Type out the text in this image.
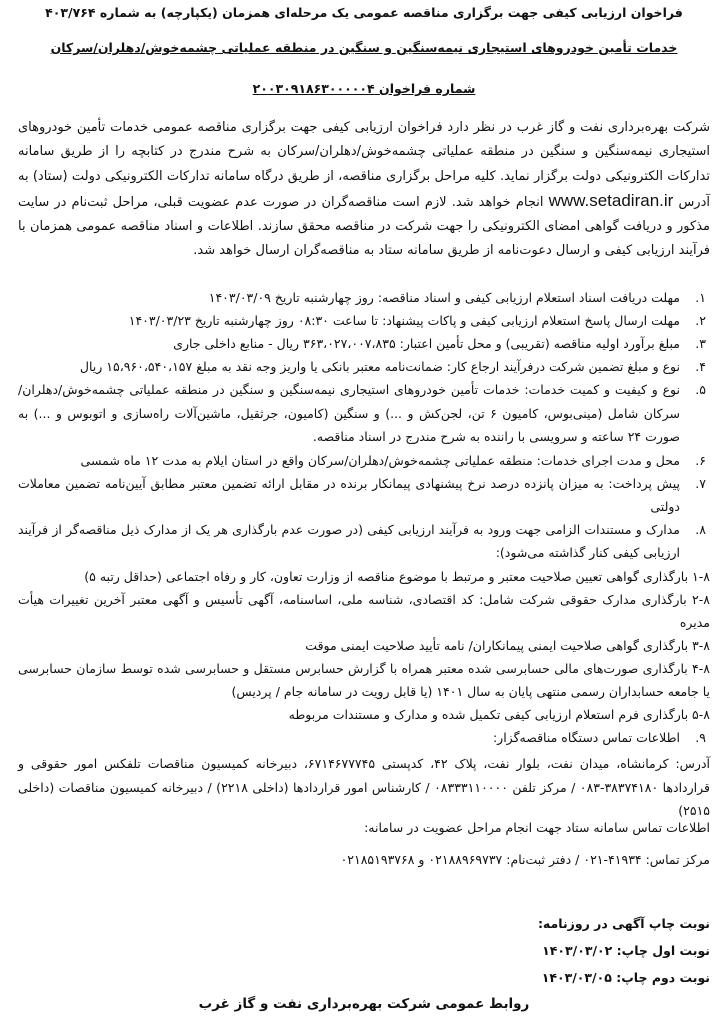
فراخوان ارزیابی کیفی جهت برگزاری مناقصه عمومی یک مرحله‌ای همزمان (یکپارچه) به شماره ۴۰۳/۷۶۴
خدمات تأمین خودروهای استیجاری نیمه‌سنگین و سنگین در منطقه عملیاتی چشمه‌خوش/دهلران/سرکان
شماره فراخوان ۲۰۰۳۰۹۱۸۶۳۰۰۰۰۰۴
شرکت بهره‌برداری نفت و گاز غرب در نظر دارد فراخوان ارزیابی کیفی جهت برگزاری مناقصه عمومی خدمات تأمین خودروهای استیجاری نیمه‌سنگین و سنگین در منطقه عملیاتی چشمه‌خوش/دهلران/سرکان به شرح مندرج در کتابچه را از طریق سامانه تدارکات الکترونیکی دولت برگزار نماید. کلیه مراحل برگزاری مناقصه، از طریق درگاه سامانه تدارکات الکترونیکی دولت (ستاد) به آدرس www.setadiran.ir انجام خواهد شد. لازم است مناقصه‌گران در صورت عدم عضویت قبلی، مراحل ثبت‌نام در سایت مذکور و دریافت گواهی امضای الکترونیکی را جهت شرکت در مناقصه محقق سازند. اطلاعات و اسناد مناقصه عمومی همزمان با فرآیند ارزیابی کیفی و ارسال دعوت‌نامه از طریق سامانه ستاد به مناقصه‌گران ارسال خواهد شد.
۱.
مهلت دریافت اسناد استعلام ارزیابی کیفی و اسناد مناقصه: روز چهارشنبه تاریخ ۱۴۰۳/۰۳/۰۹
۲.
مهلت ارسال پاسخ استعلام ارزیابی کیفی و پاکات پیشنهاد: تا ساعت ۰۸:۳۰ روز چهارشنبه تاریخ ۱۴۰۳/۰۳/۲۳
۳.
مبلغ برآورد اولیه مناقصه (تقریبی) و محل تأمین اعتبار: ۳۶۳،۰۲۷،۰۰۷،۸۳۵ ریال - منابع داخلی جاری
۴.
نوع و مبلغ تضمین شرکت درفرآیند ارجاع کار: ضمانت‌نامه معتبر بانکی یا واریز وجه نقد به مبلغ ۱۵،۹۶۰،۵۴۰،۱۵۷ ریال
۵.
نوع و کیفیت و کمیت خدمات: خدمات تأمین خودروهای استیجاری نیمه‌سنگین و سنگین در منطقه عملیاتی چشمه‌خوش/دهلران/سرکان شامل (مینی‌بوس، کامیون ۶ تن، لجن‌کش و ...) و سنگین (کامیون، جرثقیل، ماشین‌آلات راه‌سازی و اتوبوس و ...) به صورت ۲۴ ساعته و سرویسی با راننده به شرح مندرج در اسناد مناقصه.
۶.
محل و مدت اجرای خدمات: منطقه عملیاتی چشمه‌خوش/دهلران/سرکان واقع در استان ایلام به مدت ۱۲ ماه شمسی
۷.
پیش پرداخت: به میزان پانزده درصد نرخ پیشنهادی پیمانکار برنده در مقابل ارائه تضمین معتبر مطابق آیین‌نامه تضمین معاملات دولتی
۸.
مدارک و مستندات الزامی جهت ورود به فرآیند ارزیابی کیفی (در صورت عدم بارگذاری هر یک از مدارک ذیل مناقصه‌گر از فرآیند ارزیابی کیفی کنار گذاشته می‌شود):
۱-۸ بارگذاری گواهی تعیین صلاحیت معتبر و مرتبط با موضوع مناقصه از وزارت تعاون، کار و رفاه اجتماعی (حداقل رتبه ۵)
۲-۸ بارگذاری مدارک حقوقی شرکت شامل: کد اقتصادی، شناسه ملی، اساسنامه، آگهی تأسیس و آگهی معتبر آخرین تغییرات هیأت مدیره
۳-۸ بارگذاری گواهی صلاحیت ایمنی پیمانکاران/ نامه تأیید صلاحیت ایمنی موقت
۴-۸ بارگذاری صورت‌های مالی حسابرسی شده معتبر همراه با گزارش حسابرس مستقل و حسابرسی شده توسط سازمان حسابرسی یا جامعه حسابداران رسمی منتهی پایان به سال ۱۴۰۱ (یا قابل رویت در سامانه جام / پردیس)
۵-۸ بارگذاری فرم استعلام ارزیابی کیفی تکمیل شده و مدارک و مستندات مربوطه
۹.
اطلاعات تماس دستگاه مناقصه‌گزار:
آدرس: کرمانشاه، میدان نفت، بلوار نفت، پلاک ۴۲، کدپستی ۶۷۱۴۶۷۷۷۴۵، دبیرخانه کمیسیون مناقصات تلفکس امور حقوقی و قراردادها ۳۸۳۷۴۱۸۰-۰۸۳ / مرکز تلفن ۰۸۳۳۳۱۱۰۰۰۰ / کارشناس امور قراردادها (داخلی ۲۲۱۸) / دبیرخانه کمیسیون مناقصات (داخلی ۲۵۱۵)
اطلاعات تماس سامانه ستاد جهت انجام مراحل عضویت در سامانه:
مرکز تماس: ۴۱۹۳۴-۰۲۱ / دفتر ثبت‌نام: ۰۲۱۸۸۹۶۹۷۳۷ و ۰۲۱۸۵۱۹۳۷۶۸
نوبت چاپ آگهی در روزنامه:
نوبت اول چاپ: ۱۴۰۳/۰۳/۰۲
نوبت دوم چاپ: ۱۴۰۳/۰۳/۰۵
روابط عمومی شرکت بهره‌برداری نفت و گاز غرب
